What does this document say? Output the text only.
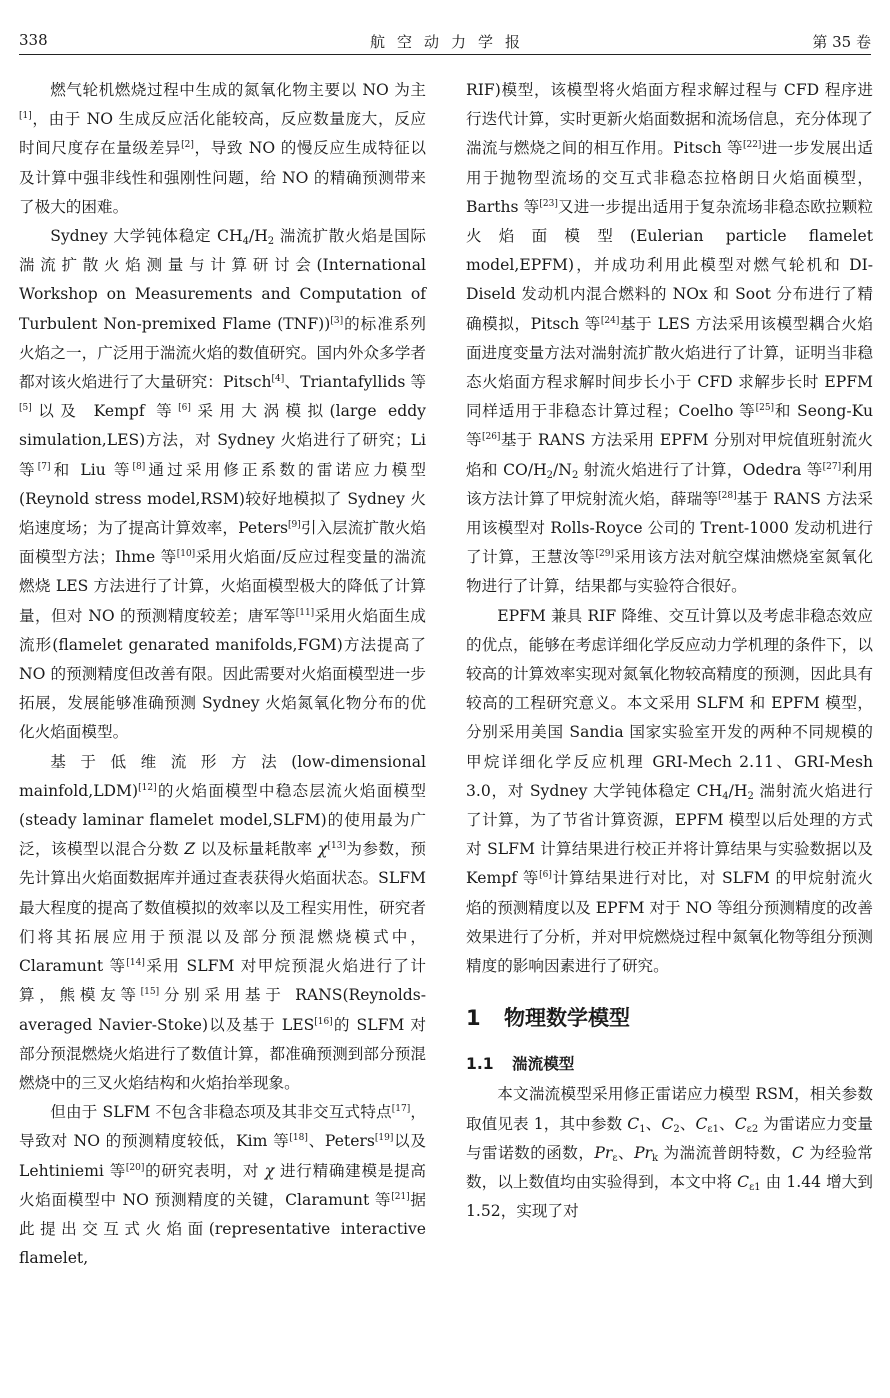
338	航空动力学报	第 35 卷

燃气轮机燃烧过程中生成的氮氧化物主要以 NO 为主[1]，由于 NO 生成反应活化能较高，反应数量庞大，反应时间尺度存在量级差异[2]，导致 NO 的慢反应生成特征以及计算中强非线性和强刚性问题，给 NO 的精确预测带来了极大的困难。

Sydney 大学钝体稳定 $CH_4/H_2$ 湍流扩散火焰是国际湍流扩散火焰测量与计算研讨会(International Workshop on Measurements and Computation of Turbulent Non-premixed Flame (TNF))[3]的标准系列火焰之一，广泛用于湍流火焰的数值研究。国内外众多学者都对该火焰进行了大量研究：Pitsch[4]、Triantafyllids 等[5]以及 Kempf 等[6]采用大涡模拟(large eddy simulation,LES)方法，对 Sydney 火焰进行了研究；Li 等[7]和 Liu 等[8]通过采用修正系数的雷诺应力模型(Reynold stress model,RSM)较好地模拟了 Sydney 火焰速度场；为了提高计算效率，Peters[9]引入层流扩散火焰面模型方法；Ihme 等[10]采用火焰面/反应过程变量的湍流燃烧 LES 方法进行了计算，火焰面模型极大的降低了计算量，但对 NO 的预测精度较差；唐军等[11]采用火焰面生成流形(flamelet genarated manifolds,FGM)方法提高了 NO 的预测精度但改善有限。因此需要对火焰面模型进一步拓展，发展能够准确预测 Sydney 火焰氮氧化物分布的优化火焰面模型。

基于低维流形方法(low-dimensional mainfold,LDM)[12]的火焰面模型中稳态层流火焰面模型(steady laminar flamelet model,SLFM)的使用最为广泛，该模型以混合分数 Z 以及标量耗散率 χ[13]为参数，预先计算出火焰面数据库并通过查表获得火焰面状态。SLFM 最大程度的提高了数值模拟的效率以及工程实用性，研究者们将其拓展应用于预混以及部分预混燃烧模式中，Claramunt 等[14]采用 SLFM 对甲烷预混火焰进行了计算，熊模友等[15]分别采用基于 RANS(Reynolds-averaged Navier-Stoke)以及基于 LES[16]的 SLFM 对部分预混燃烧火焰进行了数值计算，都准确预测到部分预混燃烧中的三叉火焰结构和火焰抬举现象。

但由于 SLFM 不包含非稳态项及其非交互式特点[17]，导致对 NO 的预测精度较低，Kim 等[18]、Peters[19]以及 Lehtiniemi 等[20]的研究表明，对 χ 进行精确建模是提高火焰面模型中 NO 预测精度的关键，Claramunt 等[21]据此提出交互式火焰面(representative interactive flamelet,

RIF)模型，该模型将火焰面方程求解过程与 CFD 程序进行迭代计算，实时更新火焰面数据和流场信息，充分体现了湍流与燃烧之间的相互作用。Pitsch 等[22]进一步发展出适用于抛物型流场的交互式非稳态拉格朗日火焰面模型，Barths 等[23]又进一步提出适用于复杂流场非稳态欧拉颗粒火焰面模型(Eulerian particle flamelet model,EPFM)，并成功利用此模型对燃气轮机和 DI-Diseld 发动机内混合燃料的 NOx 和 Soot 分布进行了精确模拟，Pitsch 等[24]基于 LES 方法采用该模型耦合火焰面进度变量方法对湍射流扩散火焰进行了计算，证明当非稳态火焰面方程求解时间步长小于 CFD 求解步长时 EPFM 同样适用于非稳态计算过程；Coelho 等[25]和 Seong-Ku 等[26]基于 RANS 方法采用 EPFM 分别对甲烷值班射流火焰和 $CO/H_2/N_2$ 射流火焰进行了计算，Odedra 等[27]利用该方法计算了甲烷射流火焰，薛瑞等[28]基于 RANS 方法采用该模型对 Rolls-Royce 公司的 Trent-1000 发动机进行了计算，王慧汝等[29]采用该方法对航空煤油燃烧室氮氧化物进行了计算，结果都与实验符合很好。

EPFM 兼具 RIF 降维、交互计算以及考虑非稳态效应的优点，能够在考虑详细化学反应动力学机理的条件下，以较高的计算效率实现对氮氧化物较高精度的预测，因此具有较高的工程研究意义。本文采用 SLFM 和 EPFM 模型，分别采用美国 Sandia 国家实验室开发的两种不同规模的甲烷详细化学反应机理 GRI-Mech 2.11、GRI-Mesh 3.0，对 Sydney 大学钝体稳定 $CH_4/H_2$ 湍射流火焰进行了计算，为了节省计算资源，EPFM 模型以后处理的方式对 SLFM 计算结果进行校正并将计算结果与实验数据以及 Kempf 等[6]计算结果进行对比，对 SLFM 的甲烷射流火焰的预测精度以及 EPFM 对于 NO 等组分预测精度的改善效果进行了分析，并对甲烷燃烧过程中氮氧化物等组分预测精度的影响因素进行了研究。

1 物理数学模型
1.1 湍流模型

本文湍流模型采用修正雷诺应力模型 RSM，相关参数取值见表 1，其中参数 $C_1$、$C_2$、$C_{\varepsilon 1}$、$C_{\varepsilon 2}$ 为雷诺应力变量与雷诺数的函数，$Pr_\varepsilon$、$Pr_k$ 为湍流普朗特数，C 为经验常数，以上数值均由实验得到，本文中将 $C_{\varepsilon 1}$ 由 1.44 增大到 1.52，实现了对
